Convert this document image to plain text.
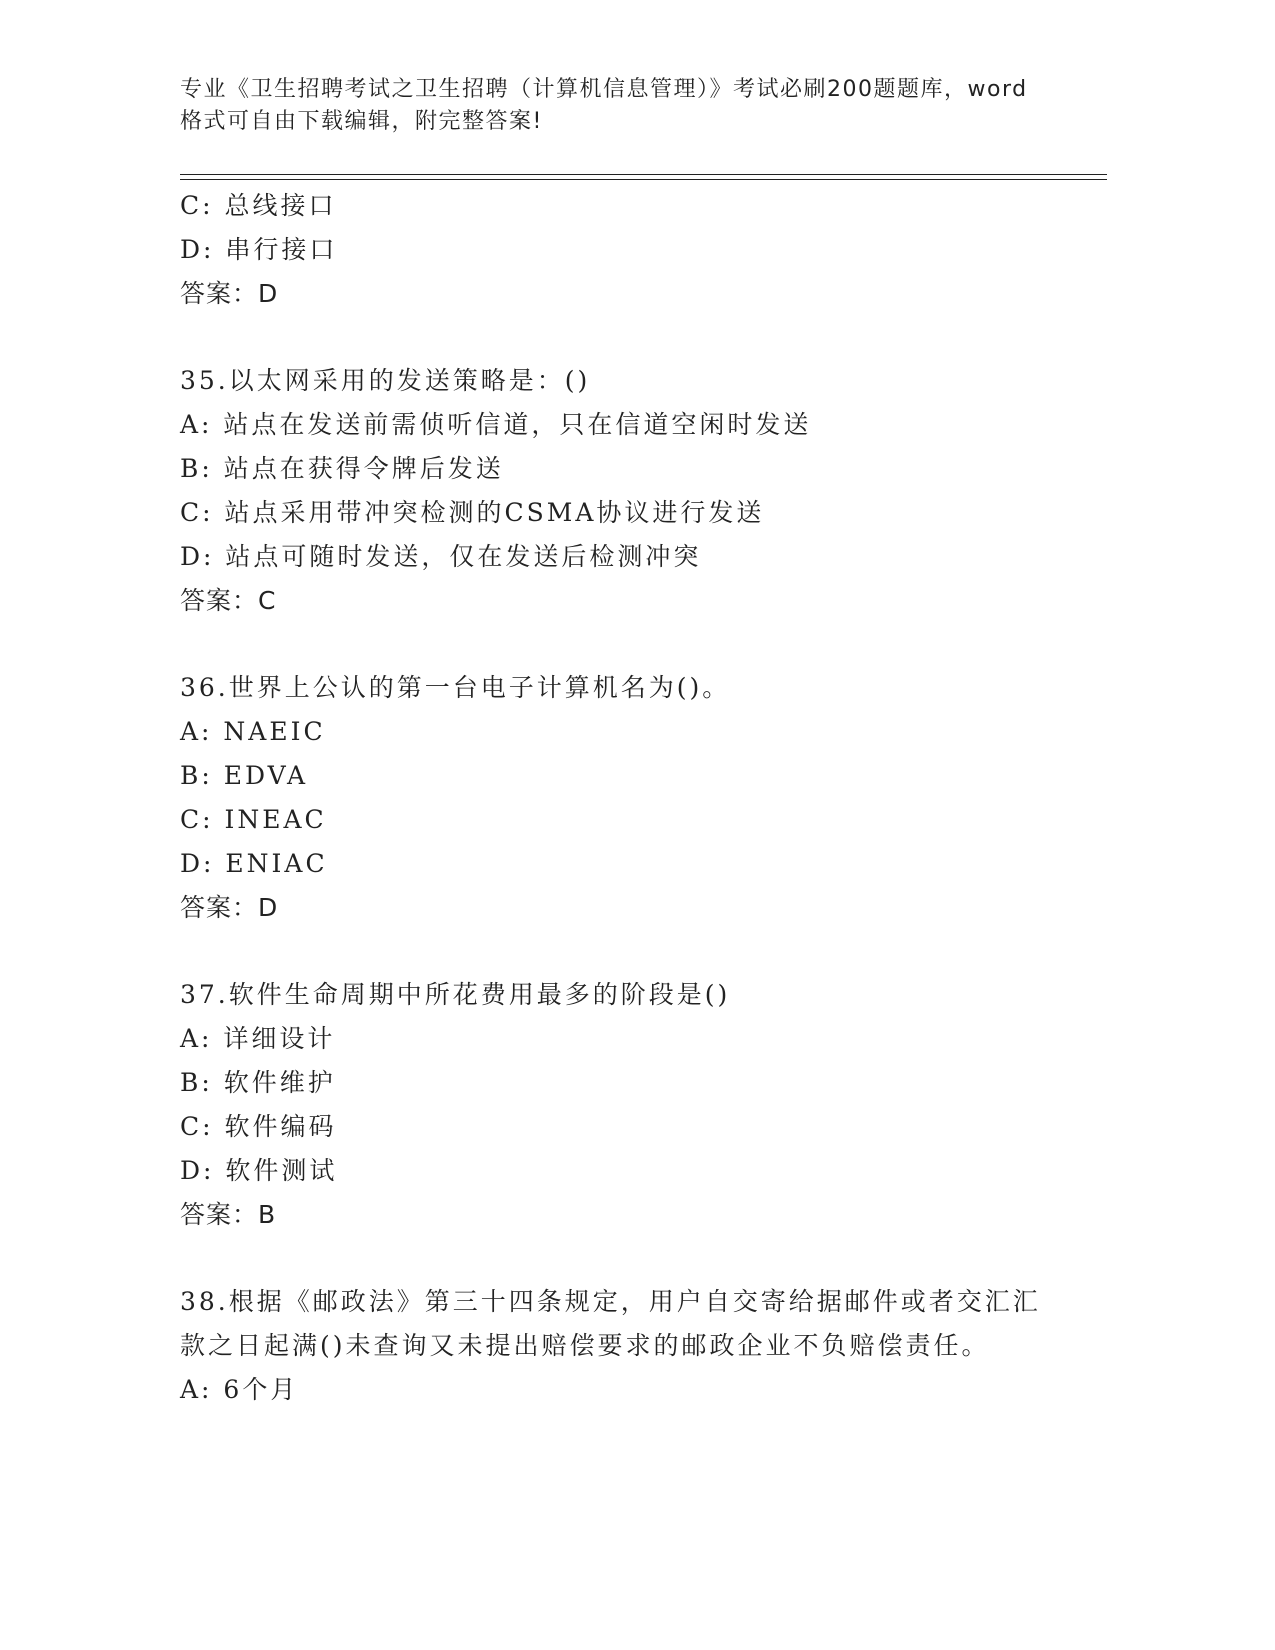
专业《卫生招聘考试之卫生招聘（计算机信息管理）》考试必刷200题题库，word

格式可自由下载编辑，附完整答案!

C: 总线接口
D: 串行接口
答案：D
35.以太网采用的发送策略是：()
A: 站点在发送前需侦听信道，只在信道空闲时发送
B: 站点在获得令牌后发送
C: 站点采用带冲突检测的CSMA协议进行发送
D: 站点可随时发送，仅在发送后检测冲突
答案：C
36.世界上公认的第一台电子计算机名为()。
A: NAEIC
B: EDVA
C: INEAC
D: ENIAC
答案：D
37.软件生命周期中所花费用最多的阶段是()
A: 详细设计
B: 软件维护
C: 软件编码
D: 软件测试
答案：B
38.根据《邮政法》第三十四条规定，用户自交寄给据邮件或者交汇汇
款之日起满()未查询又未提出赔偿要求的邮政企业不负赔偿责任。
A: 6个月
